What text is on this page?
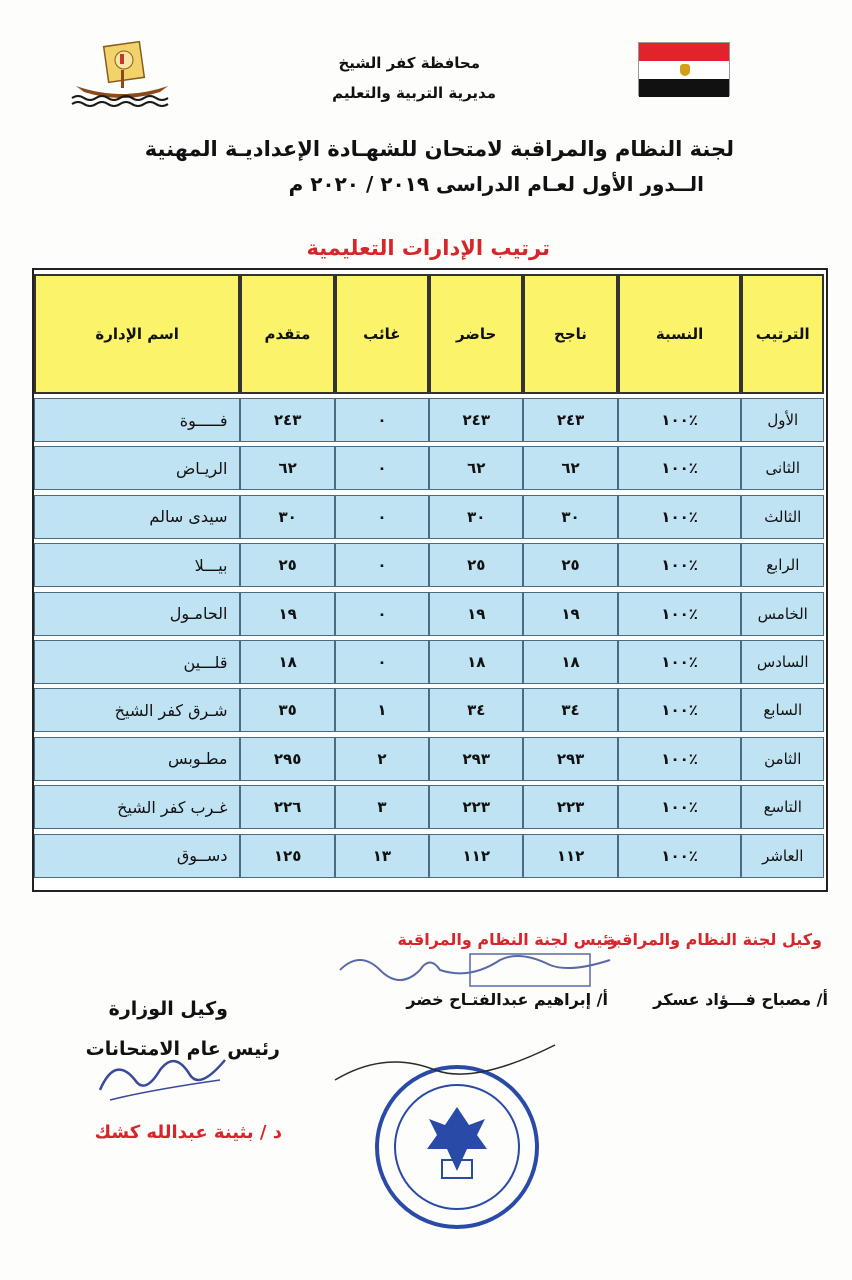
محافظة كفر الشيخ
مديرية التربية والتعليم
لجنة النظام والمراقبة لامتحان للشهـادة الإعداديـة المهنية
الــدور الأول لعـام الدراسى ٢٠١٩ / ٢٠٢٠ م
ترتيب الإدارات التعليمية
اسم الإدارة	متقدم	غائب	حاضر	ناجح	النسبة	الترتيب
فـــــوة	٢٤٣	٠	٢٤٣	٢٤٣	٪١٠٠	الأول
الريـاض	٦٢	٠	٦٢	٦٢	٪١٠٠	الثانى
سيدى سالم	٣٠	٠	٣٠	٣٠	٪١٠٠	الثالث
بيـــلا	٢٥	٠	٢٥	٢٥	٪١٠٠	الرابع
الحامـول	١٩	٠	١٩	١٩	٪١٠٠	الخامس
قلـــين	١٨	٠	١٨	١٨	٪١٠٠	السادس
شـرق كفر الشيخ	٣٥	١	٣٤	٣٤	٪١٠٠	السابع
مطـوبس	٢٩٥	٢	٢٩٣	٢٩٣	٪١٠٠	الثامن
غـرب كفر الشيخ	٢٢٦	٣	٢٢٣	٢٢٣	٪١٠٠	التاسع
دســوق	١٢٥	١٣	١١٢	١١٢	٪١٠٠	العاشر
وكيل لجنة النظام والمراقبة
رئيس لجنة النظام والمراقبة
أ/ مصباح فـــؤاد عسكر
أ/ إبراهيم عبدالفتـاح خضر
وكيل الوزارة
رئيس عام الامتحانات
د / بثينة عبدالله كشك
